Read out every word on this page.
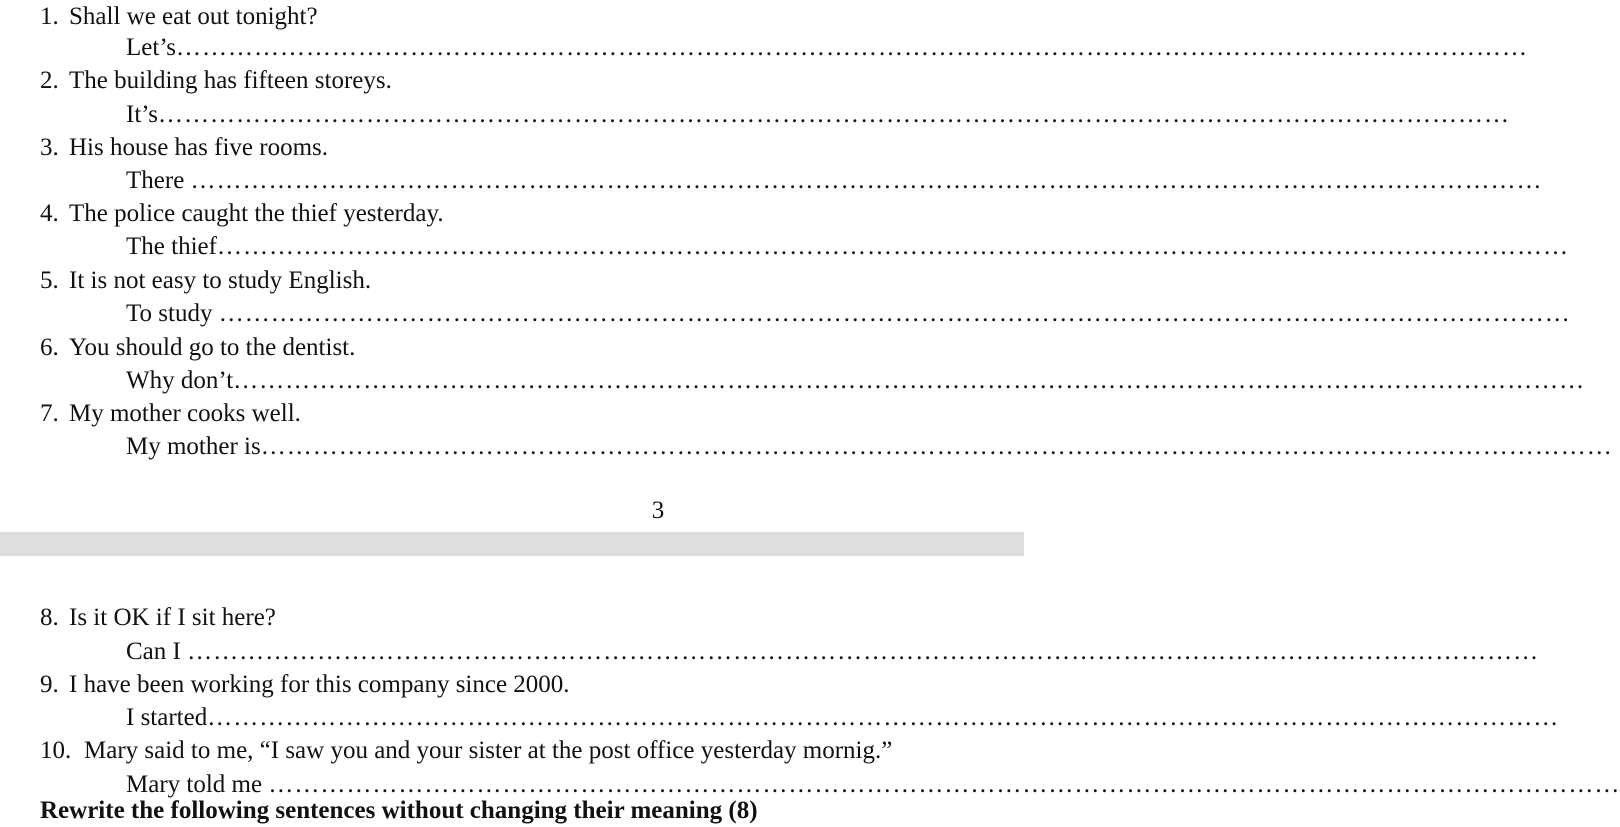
1. Shall we eat out tonight?
Let’s…………………………………………………………………………………………………………………………………………
2. The building has fifteen storeys.
It’s…………………………………………………………………………………………………………………………………………
3. His house has five rooms.
There …………………………………………………………………………………………………………………………………………
4. The police caught the thief yesterday.
The thief…………………………………………………………………………………………………………………………………………
5. It is not easy to study English.
To study …………………………………………………………………………………………………………………………………………
6. You should go to the dentist.
Why don’t…………………………………………………………………………………………………………………………………………
7. My mother cooks well.
My mother is…………………………………………………………………………………………………………………………………………
3
8. Is it OK if I sit here?
Can I …………………………………………………………………………………………………………………………………………
9. I have been working for this company since 2000.
I started…………………………………………………………………………………………………………………………………………
10. Mary said to me, “I saw you and your sister at the post office yesterday mornig.”
Mary told me …………………………………………………………………………………………………………………………………………
Rewrite the following sentences without changing their meaning (8)
